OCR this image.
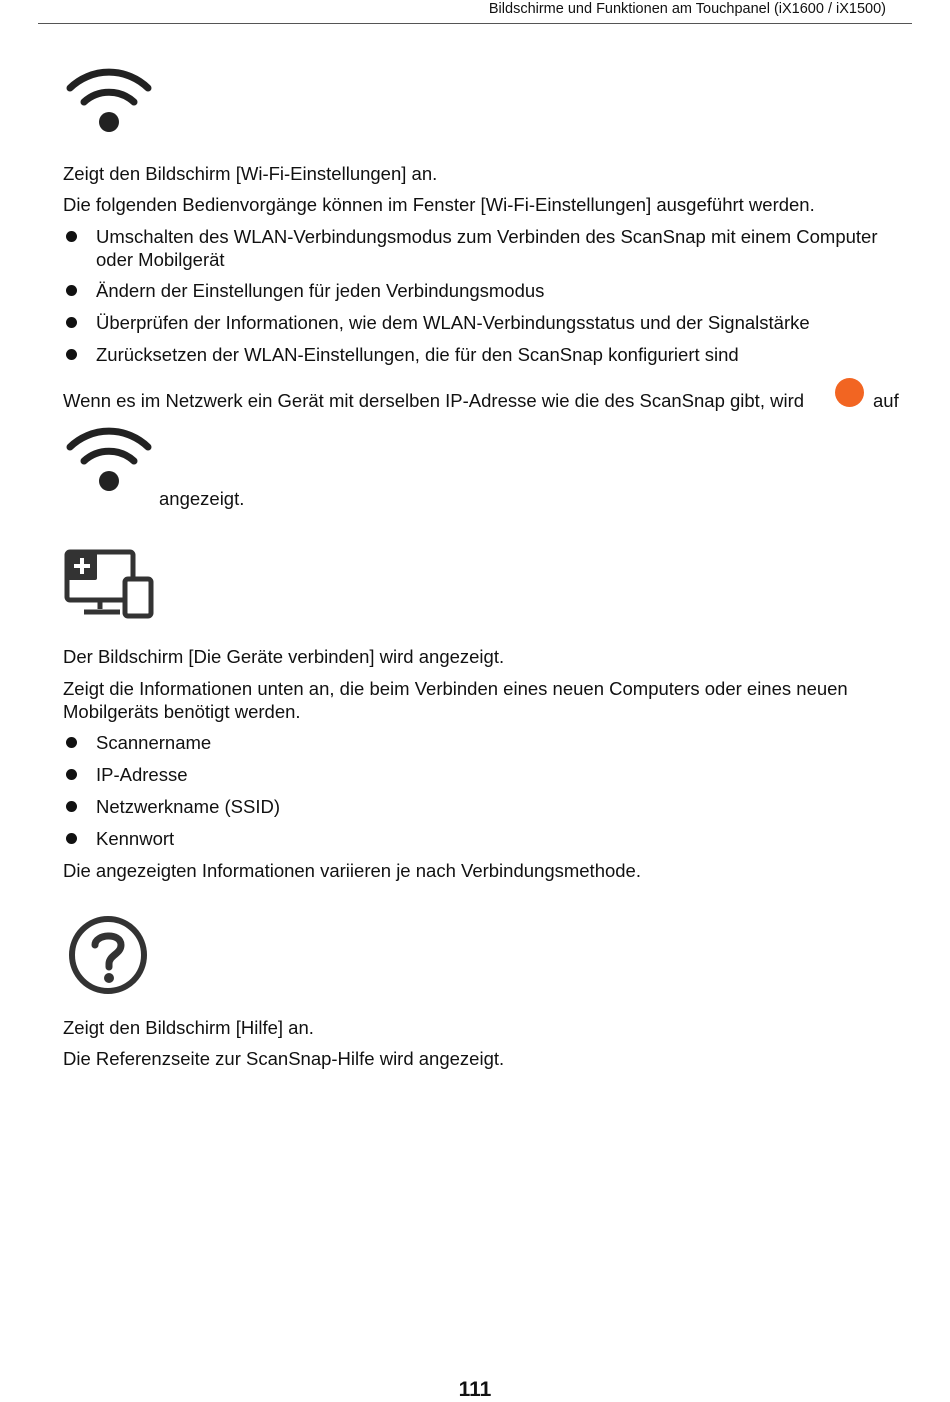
Bildschirme und Funktionen am Touchpanel (iX1600 / iX1500)
Zeigt den Bildschirm [Wi-Fi-Einstellungen] an.
Die folgenden Bedienvorgänge können im Fenster [Wi-Fi-Einstellungen] ausgeführt werden.
Umschalten des WLAN-Verbindungsmodus zum Verbinden des ScanSnap mit einem Computer
oder Mobilgerät
Ändern der Einstellungen für jeden Verbindungsmodus
Überprüfen der Informationen, wie dem WLAN-Verbindungsstatus und der Signalstärke
Zurücksetzen der WLAN-Einstellungen, die für den ScanSnap konfiguriert sind
Wenn es im Netzwerk ein Gerät mit derselben IP-Adresse wie die des ScanSnap gibt, wird	auf
angezeigt.
Der Bildschirm [Die Geräte verbinden] wird angezeigt.
Zeigt die Informationen unten an, die beim Verbinden eines neuen Computers oder eines neuen
Mobilgeräts benötigt werden.
Scannername
IP-Adresse
Netzwerkname (SSID)
Kennwort
Die angezeigten Informationen variieren je nach Verbindungsmethode.
Zeigt den Bildschirm [Hilfe] an.
Die Referenzseite zur ScanSnap-Hilfe wird angezeigt.
111
